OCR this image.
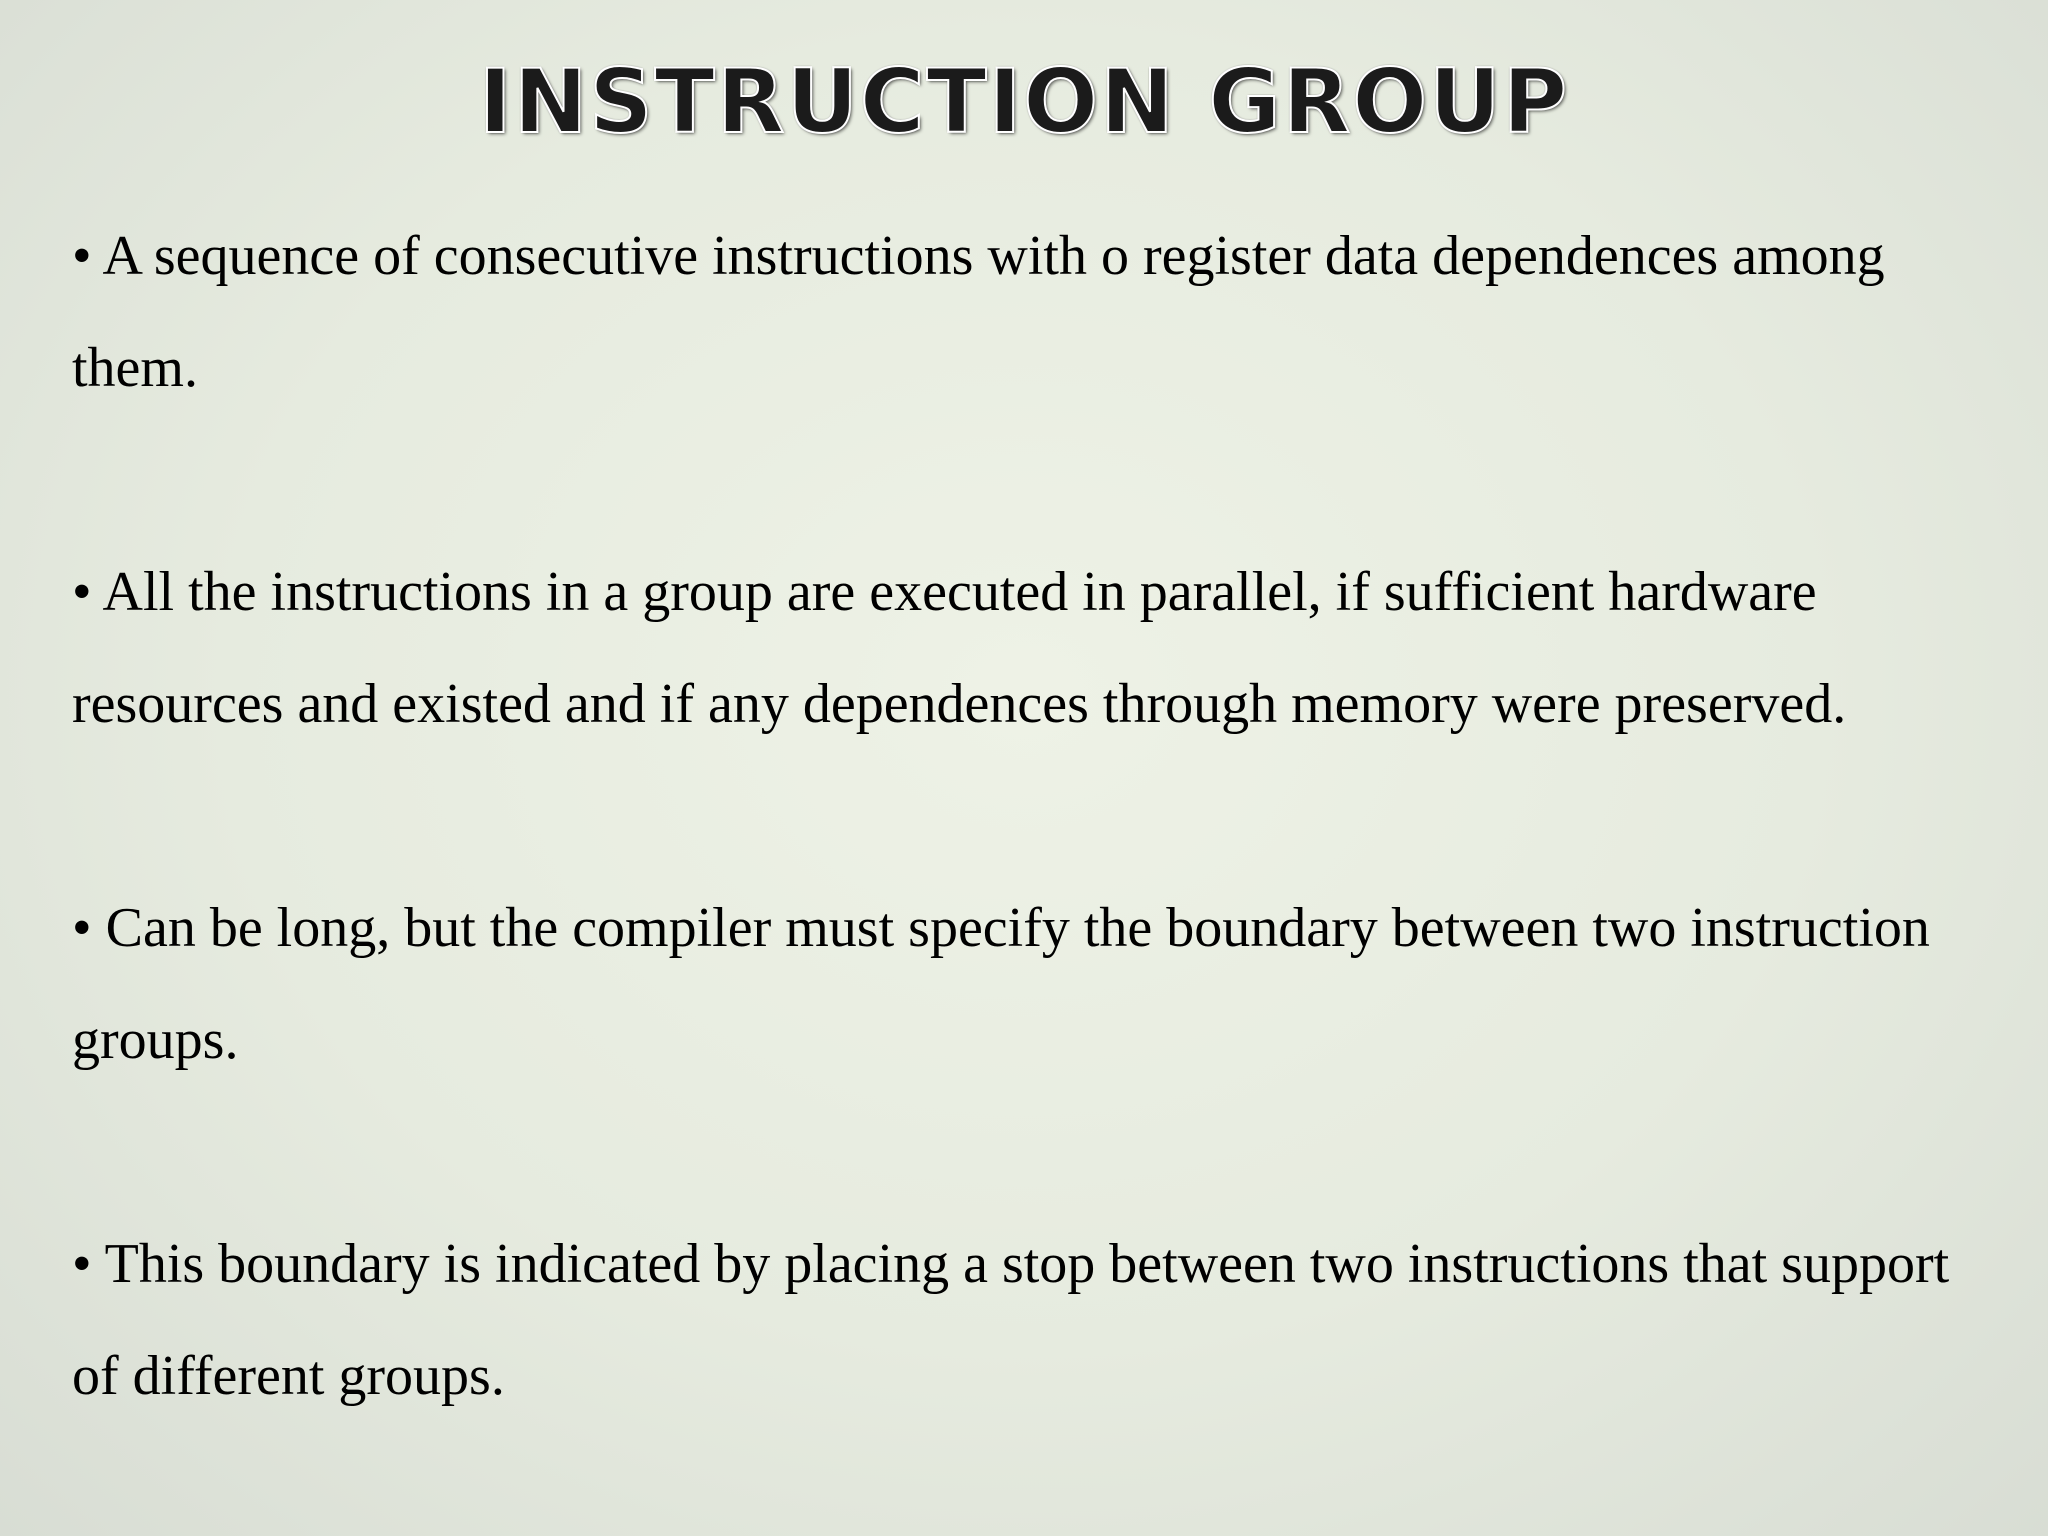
INSTRUCTION GROUP
• A sequence of consecutive instructions with o register data dependences among them.
• All the instructions in a group are executed in parallel, if sufficient hardware resources and existed and if any dependences through memory were preserved.
• Can be long, but the compiler must specify the boundary between two instruction groups.
• This boundary is indicated by placing a stop between two instructions that support of different groups.
